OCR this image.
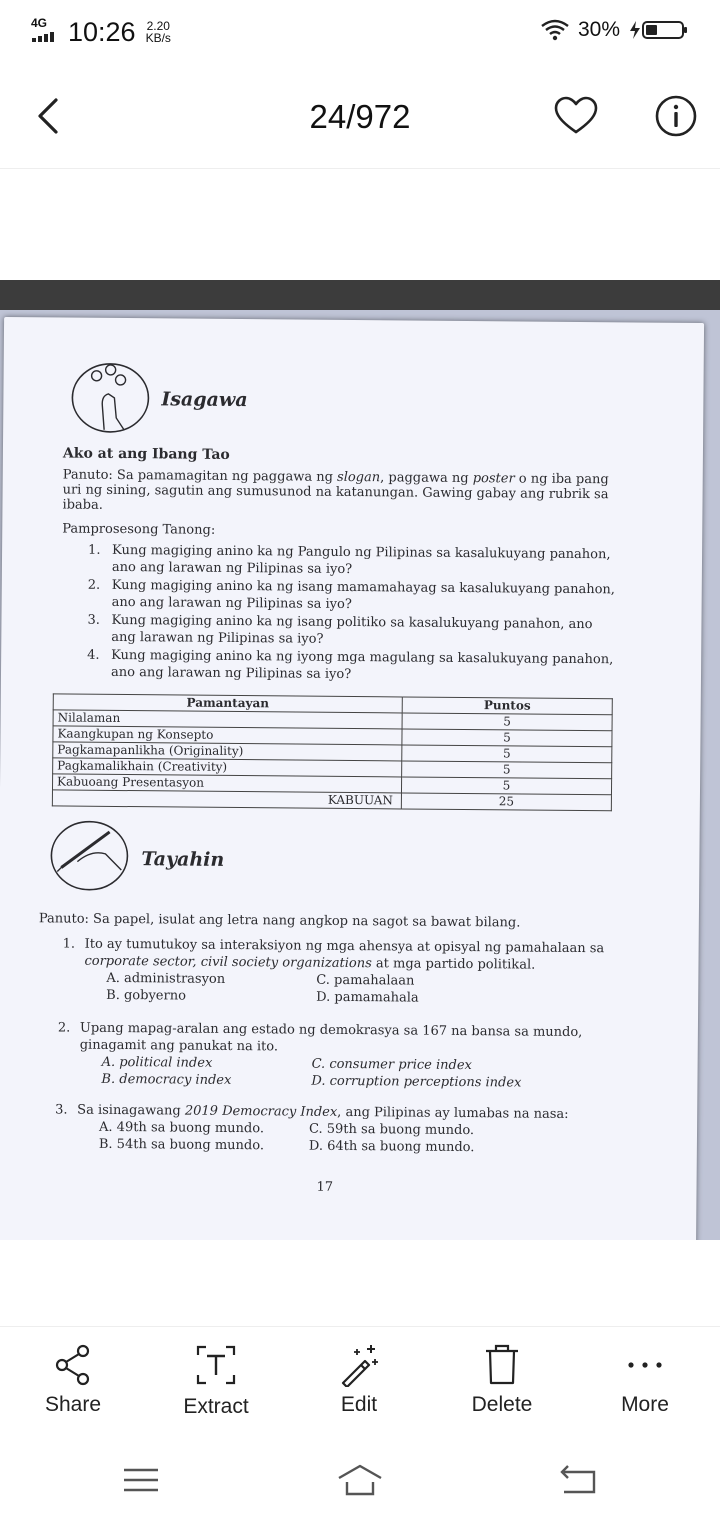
4G 10:26 2.20
KB/s	30%
24/972
Isagawa
Ako at ang Ibang Tao
Panuto: Sa pamamagitan ng paggawa ng slogan, paggawa ng poster o ng iba pang uri ng sining, sagutin ang sumusunod na katanungan. Gawing gabay ang rubrik sa ibaba.
Pamprosesong Tanong:
1. Kung magiging anino ka ng Pangulo ng Pilipinas sa kasalukuyang panahon, ano ang larawan ng Pilipinas sa iyo?
2. Kung magiging anino ka ng isang mamamahayag sa kasalukuyang panahon, ano ang larawan ng Pilipinas sa iyo?
3. Kung magiging anino ka ng isang politiko sa kasalukuyang panahon, ano ang larawan ng Pilipinas sa iyo?
4. Kung magiging anino ka ng iyong mga magulang sa kasalukuyang panahon, ano ang larawan ng Pilipinas sa iyo?
Pamantayan	Puntos
Nilalaman	5
Kaangkupan ng Konsepto	5
Pagkamapanlikha (Originality)	5
Pagkamalikhain (Creativity)	5
Kabuoang Presentasyon	5
KABUUAN	25
Tayahin
Panuto: Sa papel, isulat ang letra nang angkop na sagot sa bawat bilang.
1. Ito ay tumutukoy sa interaksiyon ng mga ahensya at opisyal ng pamahalaan sa corporate sector, civil society organizations at mga partido politikal.
A. administrasyon	C. pamahalaan
B. gobyerno	D. pamamahala
2. Upang mapag-aralan ang estado ng demokrasya sa 167 na bansa sa mundo, ginagamit ang panukat na ito.
A. political index	C. consumer price index
B. democracy index	D. corruption perceptions index
3. Sa isinagawang 2019 Democracy Index, ang Pilipinas ay lumabas na nasa:
A. 49th sa buong mundo.	C. 59th sa buong mundo.
B. 54th sa buong mundo.	D. 64th sa buong mundo.
17
Share	Extract	Edit	Delete	More
